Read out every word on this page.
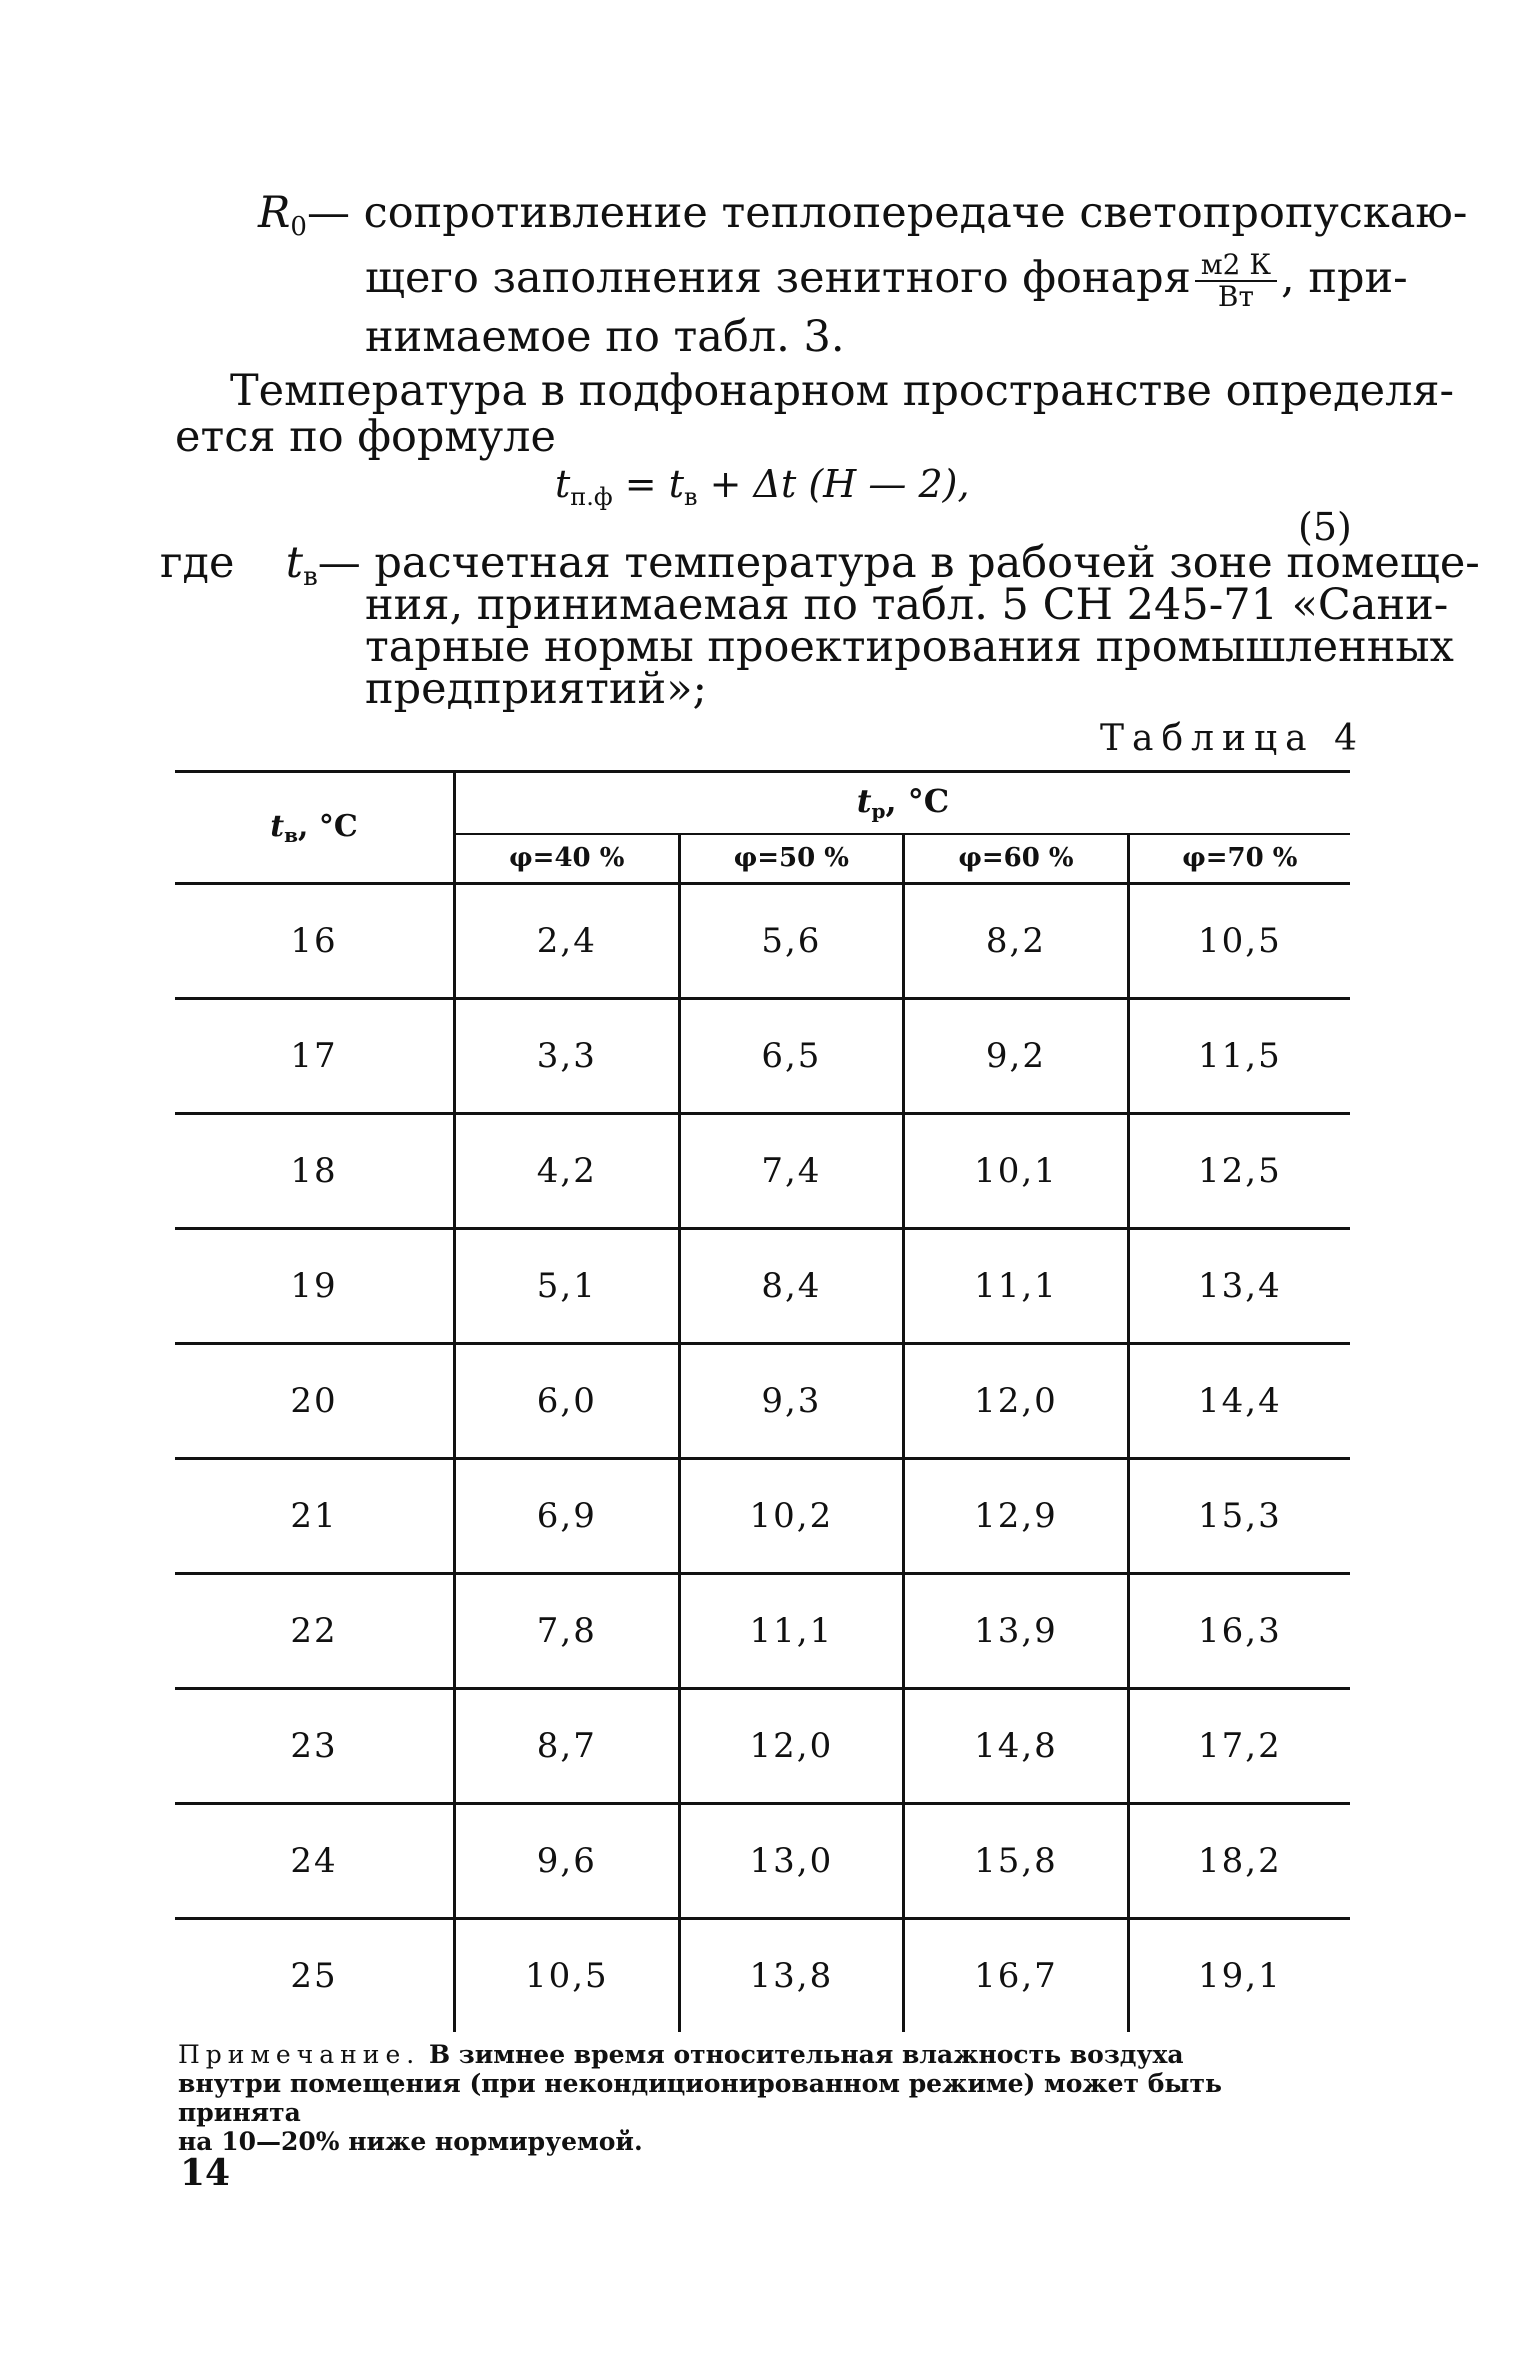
$R_0—$ сопротивление теплопередаче светопропускаю-
щего заполнения зенитного фонаря $\frac{м2 К}{Вт}$ , при-
нимаемое по табл. 3.
Температура в подфонарном пространстве определя-
ется по формуле
$t_{п.ф} = t_в + \Delta t$ (H — 2),
(5)
где $t_в—$ расчетная температура в рабочей зоне помеще-
ния, принимаемая по табл. 5 СН 245-71 «Сани-
тарные нормы проектирования промышленных
предприятий»;
Таблица 4
$t_в$, °C	tр, °C			
	φ=40 %	φ=50 %	φ=60 %	φ=70 %
16	2,4	5,6	8,2	10,5
17	3,3	6,5	9,2	11,5
18	4,2	7,4	10,1	12,5
19	5,1	8,4	11,1	13,4
20	6,0	9,3	12,0	14,4
21	6,9	10,2	12,9	15,3
22	7,8	11,1	13,9	16,3
23	8,7	12,0	14,8	17,2
24	9,6	13,0	15,8	18,2
25	10,5	13,8	16,7	19,1
Примечание. В зимнее время относительная влажность воздуха
внутри помещения (при некондиционированном режиме) может быть принята
на 10—20% ниже нормируемой.
14
